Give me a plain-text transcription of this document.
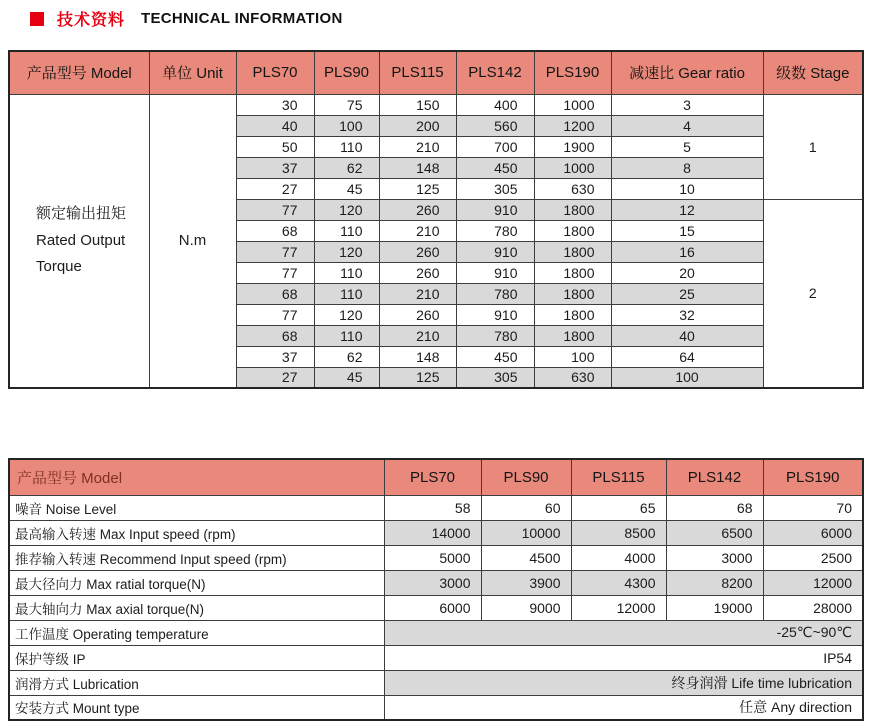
技术资料 TECHNICAL INFORMATION
产品型号 Model	单位 Unit	PLS70	PLS90	PLS115	PLS142	PLS190	减速比 Gear ratio	级数 Stage

额定输出扭矩
Rated Output
Torque	N.m	30	75	150	400	1000	3	1
		40	100	200	560	1200	4	
		50	110	210	700	1900	5	
		37	62	148	450	1000	8	
		27	45	125	305	630	10	
		77	120	260	910	1800	12	2
		68	110	210	780	1800	15	
		77	120	260	910	1800	16	
		77	110	260	910	1800	20	
		68	110	210	780	1800	25	
		77	120	260	910	1800	32	
		68	110	210	780	1800	40	
		37	62	148	450	100	64	
		27	45	125	305	630	100	
产品型号 Model	PLS70	PLS90	PLS115	PLS142	PLS190
噪音 Noise Level	58	60	65	68	70
最高输入转速 Max Input speed (rpm)	14000	10000	8500	6500	6000
推荐输入转速 Recommend Input speed (rpm)	5000	4500	4000	3000	2500
最大径向力 Max ratial torque(N)	3000	3900	4300	8200	12000
最大轴向力 Max axial torque(N)	6000	9000	12000	19000	28000
工作温度 Operating temperature	-25℃~90℃				
保护等级 IP	IP54				
润滑方式 Lubrication	终身润滑 Life time lubrication				
安装方式 Mount type	任意 Any direction				
